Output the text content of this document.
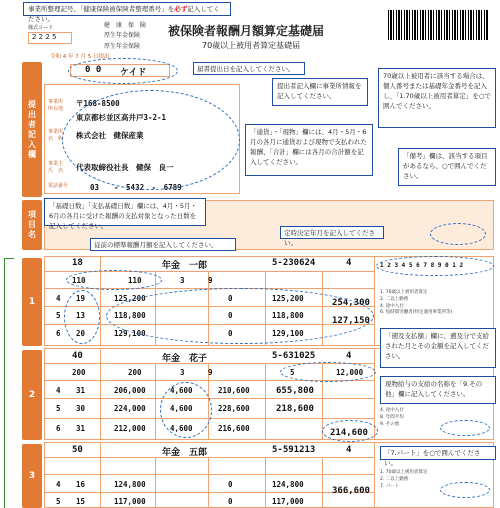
事業所整理記号、「健康保険被保険者整理番号」を必ず記入してください。
様式コード
2 2 2 5
健　康　保　険
厚生年金保険
厚生年金保険
被保険者報酬月額算定基礎届
70歳以上被用者算定基礎届
令和 4 年 7 月 5 日提出
0 0 ケイド	届書提出日を記入してください。
提出者記入欄	事業所
所在地
事業所
名　称
事業主
氏　名
電話番号
〒168-8500
東京都杉並区高井戸3-2-1
株式会社　健保産業
代表取締役社長　健保　良一
03　　-　5432　-　6789
提出者記入欄に事業所情報を記入してください。
70歳以上被用者に該当する場合は、個人番号または基礎年金番号を記入し、「1.70歳以上被用者算定」を○で囲んでください。
「通貨」・「現物」欄には、4月・5月・6月の各月に通貨および現物で支払われた報酬、「合計」欄には各月の合計額を記入してください。
「備考」欄は、該当する項目があるなら、○で囲んでください。
項目名
「基礎日数」「支払基礎日数」欄には、4月・5月・6月の各月に受けた報酬の支払対象となった日数を記入してください。
定時決定年月を記入してください。
従前の標準報酬月額を記入してください。
1
18	年金　一郎	5-230624	4
110	110	3	9
4 19	125,200	0	125,200
5 13	118,800	0	118,800
6 20	129,100	0	129,100
254,300
127,150
1 2 3 4 5 6 7 8 9 0 1 2
1. 70歳以上被用者算定
2. 二以上勤務
4. 途中入社
6. 短時間労働者(特定適用事業所等)
2
40	年金　花子	5-631025	4
200	200	3	9	5	12,000
4 31	206,000	4,600	210,600
5 30	224,000	4,600	228,600
6 31	212,000	4,600	216,600
655,800
218,600
214,600
「遡及支払額」欄に、遡及分で支給された月とその金額を記入してください。
現物給与の支給の名称を「9.その他」欄に記入してください。
4. 途中入社
8. 年間平均
9. その他
3
50	年金　五郎	5-591213	4
4 16	124,800	0	124,800
5 15	117,000	0	117,000
366,600
「7.パート」を○で囲んでください。
1. 70歳以上被用者算定
2. 二以上勤務
7. パート
